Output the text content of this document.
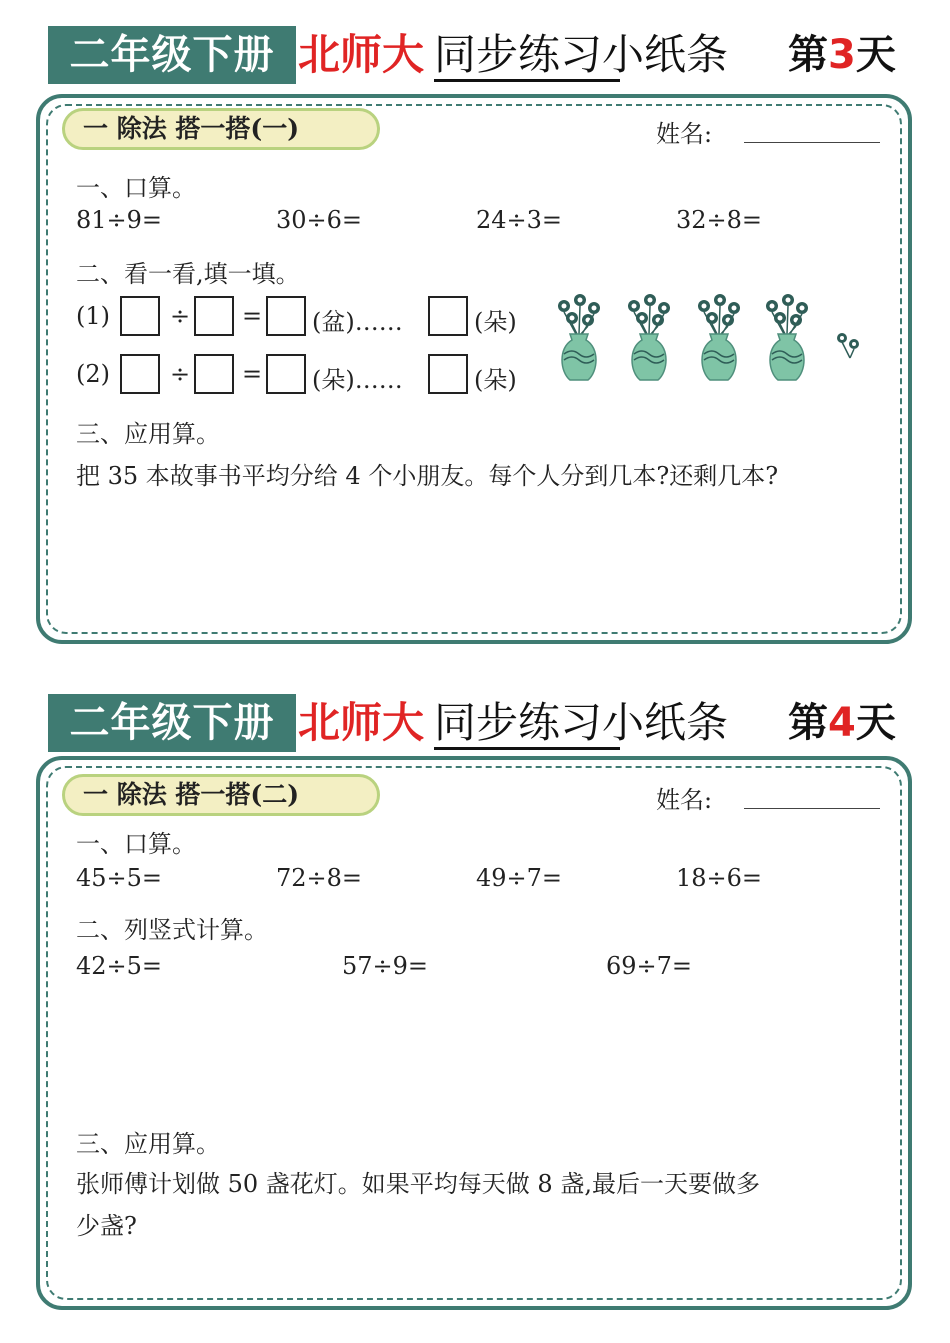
二年级下册 北师大 同步练习小纸条 第3天
一 除法 搭一搭(一)	姓名:
一、口算。
81÷9=	30÷6=	24÷3=	32÷8=
二、看一看,填一填。
(1)	÷ = (盆)……	(朵)
(2)	÷ = (朵)……	(朵)
三、应用算。
把 35 本故事书平均分给 4 个小朋友。每个人分到几本?还剩几本?
二年级下册 北师大 同步练习小纸条 第4天
一 除法 搭一搭(二)	姓名:
一、口算。
45÷5=	72÷8=	49÷7=	18÷6=
二、列竖式计算。
42÷5=	57÷9=	69÷7=
三、应用算。
张师傅计划做 50 盏花灯。如果平均每天做 8 盏,最后一天要做多
少盏?
